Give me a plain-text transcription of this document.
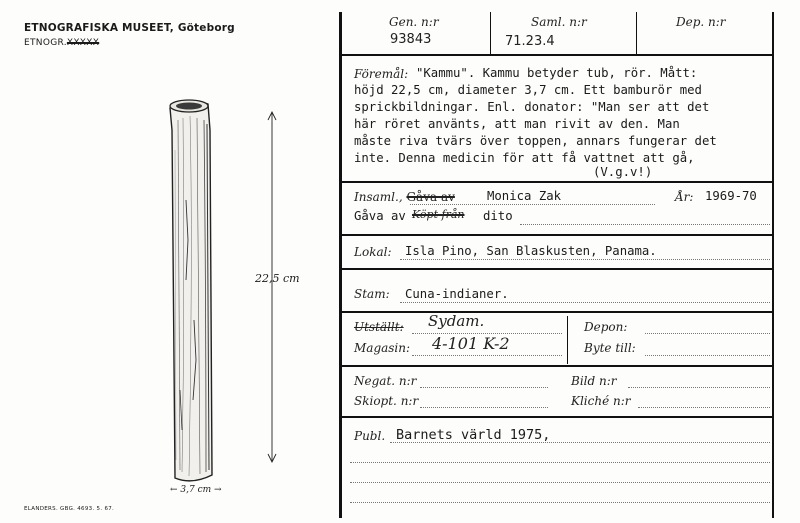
ETNOGRAFISKA MUSEET, Göteborg
ETNOGR.XXXXX
22,5 cm
← 3,7 cm →
ELANDERS. GBG. 4693. 5. 67.
Gen. n:r
93843
Saml. n:r
71.23.4
Dep. n:r
Föremål: "Kammu". Kammu betyder tub, rör. Mått:
höjd 22,5 cm, diameter 3,7 cm. Ett bamburör med
sprickbildningar. Enl. donator: "Man ser att det
här röret använts, att man rivit av den. Man
måste riva tvärs över toppen, annars fungerar det
inte. Denna medicin för att få vattnet att gå,
(V.g.v!)
Insaml., Gåva av	Monica Zak	År: 1969-70
Gåva av Köpt från dito
Lokal: Isla Pino, San Blaskusten, Panama.
Stam: Cuna-indianer.
Utställt: Sydam.
Magasin: 4-101 K-2
Depon:
Byte till:
Negat. n:r	Bild n:r
Skiopt. n:r	Kliché n:r
Publ. Barnets värld 1975,
